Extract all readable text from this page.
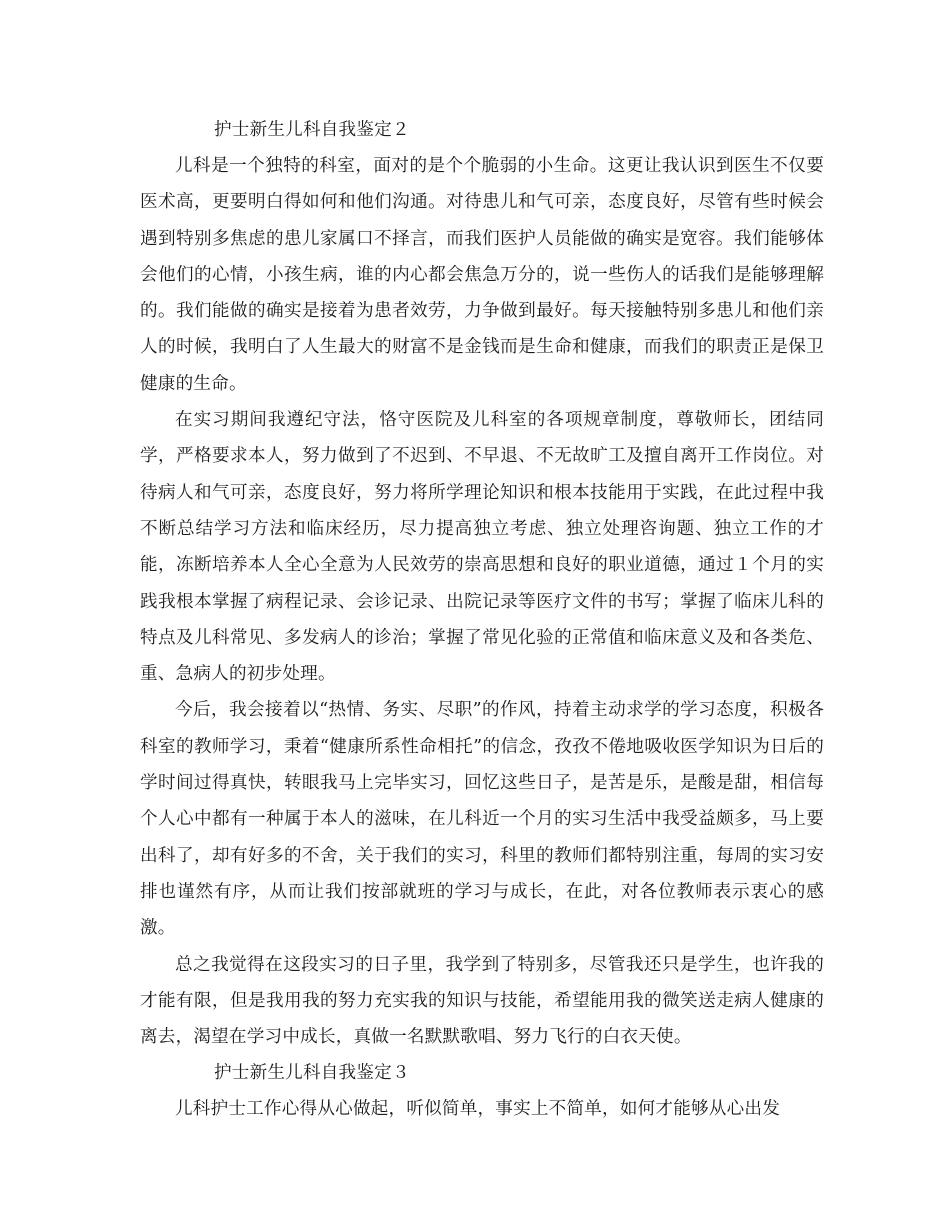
护士新生儿科自我鉴定２

儿科是一个独特的科室，面对的是个个脆弱的小生命。这更让我认识到医生不仅要医术高，更要明白得如何和他们沟通。对待患儿和气可亲，态度良好，尽管有些时候会遇到特别多焦虑的患儿家属口不择言，而我们医护人员能做的确实是宽容。我们能够体会他们的心情，小孩生病，谁的内心都会焦急万分的，说一些伤人的话我们是能够理解的。我们能做的确实是接着为患者效劳，力争做到最好。每天接触特别多患儿和他们亲人的时候，我明白了人生最大的财富不是金钱而是生命和健康，而我们的职责正是保卫健康的生命。

在实习期间我遵纪守法，恪守医院及儿科室的各项规章制度，尊敬师长，团结同学，严格要求本人，努力做到了不迟到、不早退、不无故旷工及擅自离开工作岗位。对待病人和气可亲，态度良好，努力将所学理论知识和根本技能用于实践，在此过程中我不断总结学习方法和临床经历，尽力提高独立考虑、独立处理咨询题、独立工作的才能，冻断培养本人全心全意为人民效劳的崇高思想和良好的职业道德，通过１个月的实践我根本掌握了病程记录、会诊记录、出院记录等医疗文件的书写；掌握了临床儿科的特点及儿科常见、多发病人的诊治；掌握了常见化验的正常值和临床意义及和各类危、重、急病人的初步处理。

今后，我会接着以“热情、务实、尽职”的作风，持着主动求学的学习态度，积极各科室的教师学习，秉着“健康所系性命相托”的信念，孜孜不倦地吸收医学知识为日后的学时间过得真快，转眼我马上完毕实习，回忆这些日子，是苦是乐，是酸是甜，相信每个人心中都有一种属于本人的滋味，在儿科近一个月的实习生活中我受益颇多，马上要出科了，却有好多的不舍，关于我们的实习，科里的教师们都特别注重，每周的实习安排也谨然有序，从而让我们按部就班的学习与成长，在此，对各位教师表示衷心的感激。

总之我觉得在这段实习的日子里，我学到了特别多，尽管我还只是学生，也许我的才能有限，但是我用我的努力充实我的知识与技能，希望能用我的微笑送走病人健康的离去，渴望在学习中成长，真做一名默默歌唱、努力飞行的白衣天使。

护士新生儿科自我鉴定３

儿科护士工作心得从心做起，听似简单，事实上不简单，如何才能够从心出发
